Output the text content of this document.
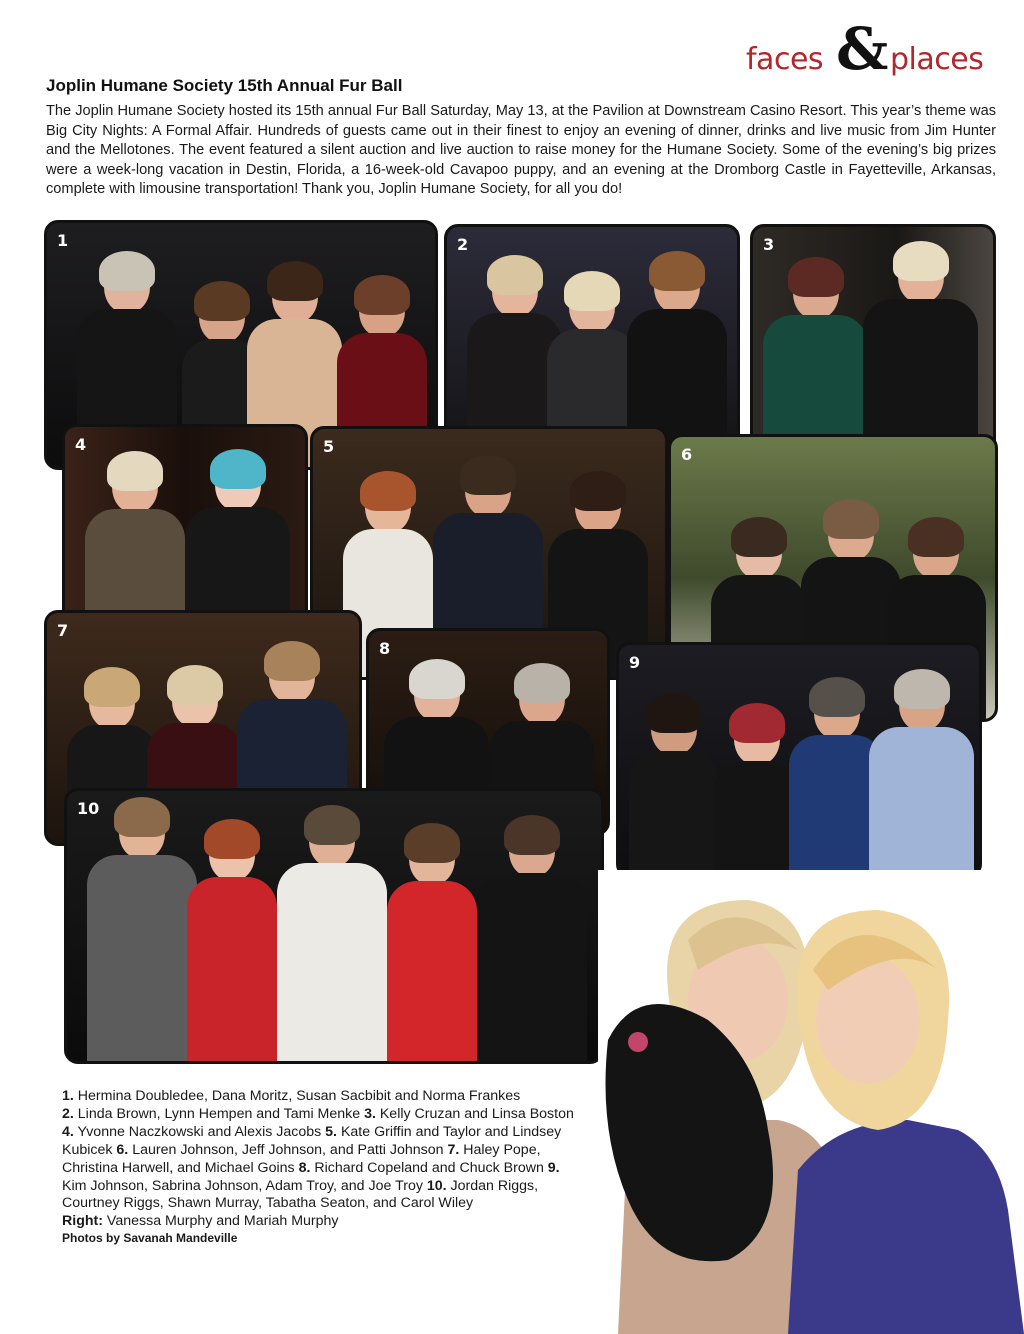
faces & places
Joplin Humane Society 15th Annual Fur Ball

The Joplin Humane Society hosted its 15th annual Fur Ball Saturday, May 13, at the Pavilion at Downstream Casino Resort. This year’s theme was Big City Nights: A Formal Affair. Hundreds of guests came out in their finest to enjoy an evening of dinner, drinks and live music from Jim Hunter and the Mellotones. The event featured a silent auction and live auction to raise money for the Humane Society. Some of the evening’s big prizes were a week-long vacation in Destin, Florida, a 16-week-old Cavapoo puppy, and an evening at the Dromborg Castle in Fayetteville, Arkansas, complete with limousine transportation! Thank you, Joplin Humane Society, for all you do!

1	2	3
4	5	6
7
8
9
10

1. Hermina Doubledee, Dana Moritz, Susan Sacbibit and Norma Frankes
2. Linda Brown, Lynn Hempen and Tami Menke 3. Kelly Cruzan and Linsa Boston 4. Yvonne Naczkowski and Alexis Jacobs 5. Kate Griffin and Taylor and Lindsey Kubicek 6. Lauren Johnson, Jeff Johnson, and Patti Johnson 7. Haley Pope, Christina Harwell, and Michael Goins 8. Richard Copeland and Chuck Brown 9. Kim Johnson, Sabrina Johnson, Adam Troy, and Joe Troy 10. Jordan Riggs, Courtney Riggs, Shawn Murray, Tabatha Seaton, and Carol Wiley
Right: Vanessa Murphy and Mariah Murphy

Photos by Savanah Mandeville
